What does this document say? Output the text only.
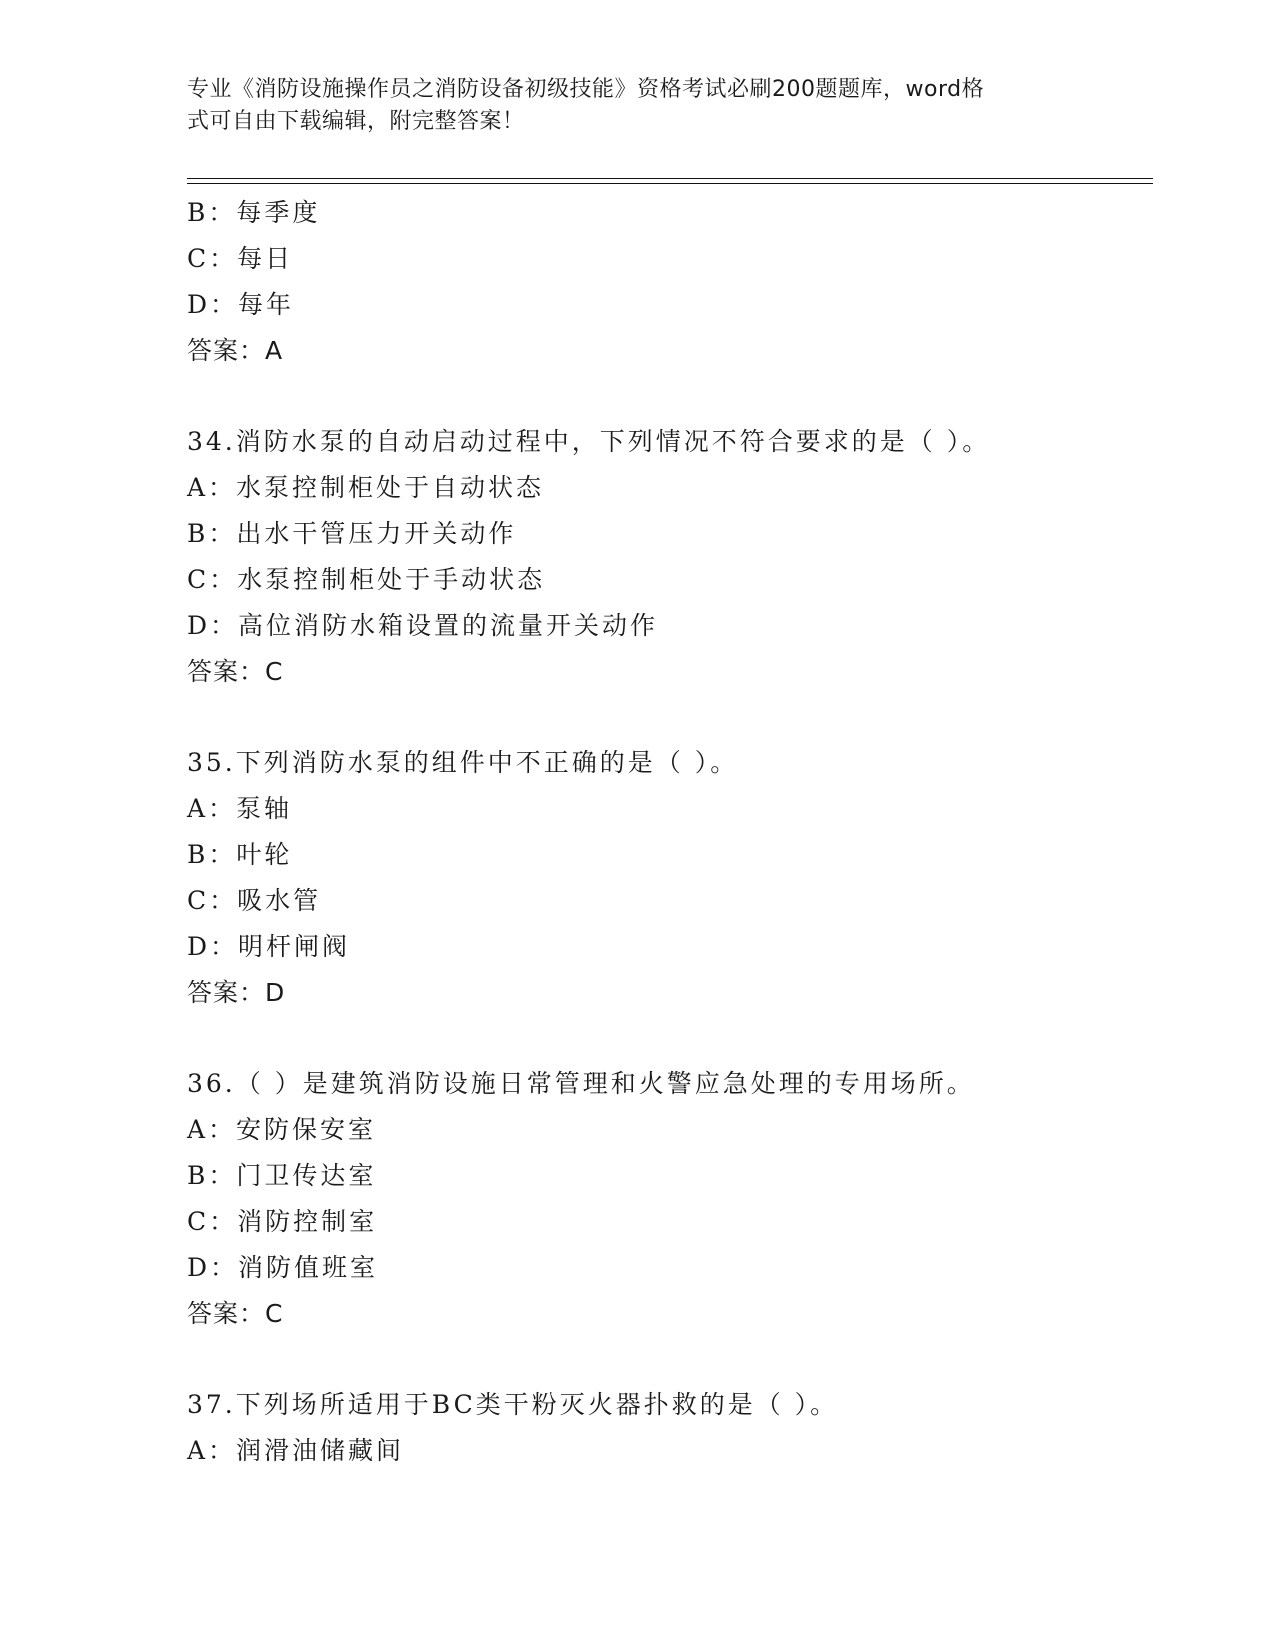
专业《消防设施操作员之消防设备初级技能》资格考试必刷200题题库，word格
式可自由下载编辑，附完整答案！
B：每季度
C：每日
D：每年
答案：A
34.消防水泵的自动启动过程中，下列情况不符合要求的是（ ）。
A：水泵控制柜处于自动状态
B：出水干管压力开关动作
C：水泵控制柜处于手动状态
D：高位消防水箱设置的流量开关动作
答案：C
35.下列消防水泵的组件中不正确的是（ ）。
A：泵轴
B：叶轮
C：吸水管
D：明杆闸阀
答案：D
36.（ ）是建筑消防设施日常管理和火警应急处理的专用场所。
A：安防保安室
B：门卫传达室
C：消防控制室
D：消防值班室
答案：C
37.下列场所适用于BC类干粉灭火器扑救的是（ ）。
A：润滑油储藏间
